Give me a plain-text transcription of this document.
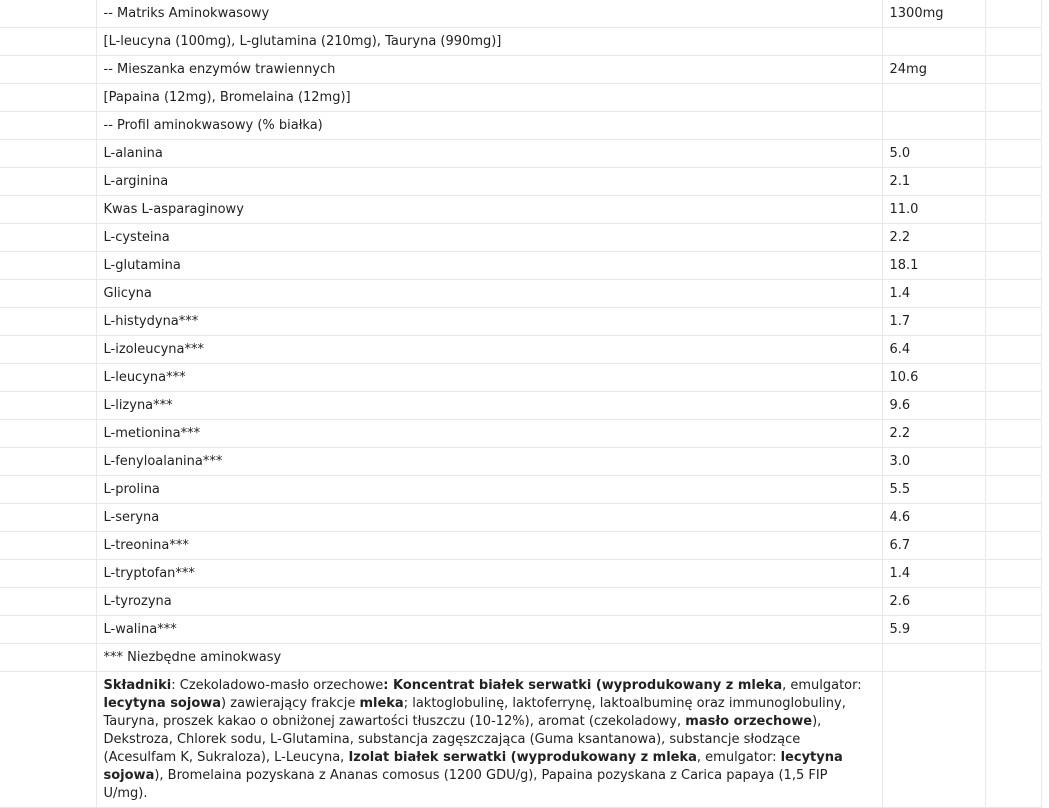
	-- Matriks Aminokwasowy	1300mg	
	[L-leucyna (100mg), L-glutamina (210mg), Tauryna (990mg)]		
	-- Mieszanka enzymów trawiennych	24mg	
	[Papaina (12mg), Bromelaina (12mg)]		
	-- Profil aminokwasowy (% białka)		
	L-alanina	5.0	
	L-arginina	2.1	
	Kwas L-asparaginowy	11.0	
	L-cysteina	2.2	
	L-glutamina	18.1	
	Glicyna	1.4	
	L-histydyna***	1.7	
	L-izoleucyna***	6.4	
	L-leucyna***	10.6	
	L-lizyna***	9.6	
	L-metionina***	2.2	
	L-fenyloalanina***	3.0	
	L-prolina	5.5	
	L-seryna	4.6	
	L-treonina***	6.7	
	L-tryptofan***	1.4	
	L-tyrozyna	2.6	
	L-walina***	5.9	
	*** Niezbędne aminokwasy		
	Składniki: Czekoladowo-masło orzechowe: Koncentrat białek serwatki (wyprodukowany z mleka, emulgator: lecytyna sojowa) zawierający frakcje mleka; laktoglobulinę, laktoferrynę, laktoalbuminę oraz immunoglobuliny, Tauryna, proszek kakao o obniżonej zawartości tłuszczu (10-12%), aromat (czekoladowy, masło orzechowe), Dekstroza, Chlorek sodu, L-Glutamina, substancja zagęszczająca (Guma ksantanowa), substancje słodzące (Acesulfam K, Sukraloza), L-Leucyna, Izolat białek serwatki (wyprodukowany z mleka, emulgator: lecytyna sojowa), Bromelaina pozyskana z Ananas comosus (1200 GDU/g), Papaina pozyskana z Carica papaya (1,5 FIP U/mg).		
